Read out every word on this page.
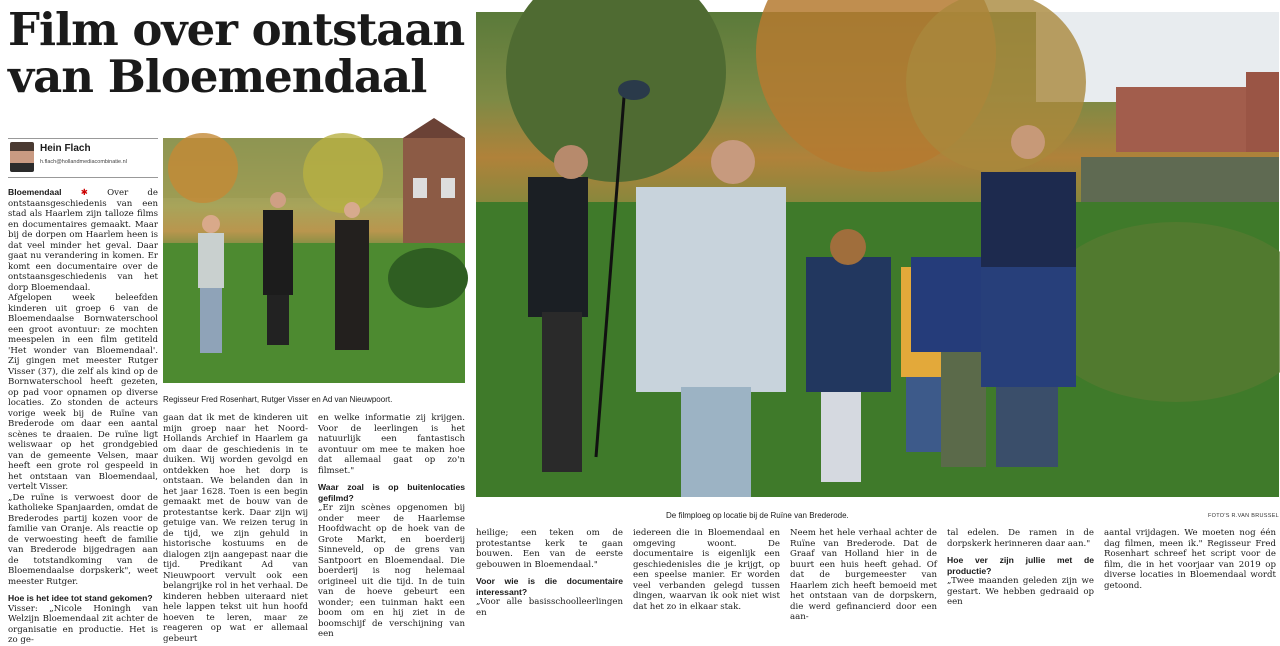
Film over ontstaan
van Bloemendaal
Hein Flach
h.flach@hollandmediacombinatie.nl

Bloemendaal ✱ Over de ontstaansgeschiedenis van een stad als Haarlem zijn talloze films en documentaires gemaakt. Maar bij de dorpen om Haarlem heen is dat veel minder het geval. Daar gaat nu verandering in komen. Er komt een documentaire over de ontstaansgeschiedenis van het dorp Bloemendaal.

Afgelopen week beleefden kinderen uit groep 6 van de Bloemendaalse Bornwaterschool een groot avontuur: ze mochten meespelen in een film getiteld 'Het wonder van Bloemendaal'. Zij gingen met meester Rutger Visser (37), die zelf als kind op de Bornwaterschool heeft gezeten, op pad voor opnamen op diverse locaties. Zo stonden de acteurs vorige week bij de Ruïne van Brederode om daar een aantal scènes te draaien. De ruïne ligt weliswaar op het grondgebied van de gemeente Velsen, maar heeft een grote rol gespeeld in het ontstaan van Bloemendaal, vertelt Visser.

„De ruïne is verwoest door de katholieke Spanjaarden, omdat de Brederodes partij kozen voor de familie van Oranje. Als reactie op de verwoesting heeft de familie van Brederode bijgedragen aan de totstandkoming van de Bloemendaalse dorpskerk", weet meester Rutger.

Hoe is het idee tot stand gekomen?

Visser: „Nicole Honingh van Welzijn Bloemendaal zit achter de organisatie en productie. Het is zo ge-

Regisseur Fred Rosenhart, Rutger Visser en Ad van Nieuwpoort.

gaan dat ik met de kinderen uit mijn groep naar het Noord-Hollands Archief in Haarlem ga om daar de geschiedenis in te duiken. Wij worden gevolgd en ontdekken hoe het dorp is ontstaan. We belanden dan in het jaar 1628. Toen is een begin gemaakt met de bouw van de protestantse kerk. Daar zijn wij getuige van. We reizen terug in de tijd, we zijn gehuld in historische kostuums en de dialogen zijn aangepast naar die tijd. Predikant Ad van Nieuwpoort vervult ook een belangrijke rol in het verhaal. De kinderen hebben uiteraard niet hele lappen tekst uit hun hoofd hoeven te leren, maar ze reageren op wat er allemaal gebeurt

en welke informatie zij krijgen. Voor de leerlingen is het natuurlijk een fantastisch avontuur om mee te maken hoe dat allemaal gaat op zo'n filmset."

Waar zoal is op buitenlocaties gefilmd?

„Er zijn scènes opgenomen bij onder meer de Haarlemse Hoofdwacht op de hoek van de Grote Markt, en boerderij Sinneveld, op de grens van Santpoort en Bloemendaal. Die boerderij is nog helemaal origineel uit die tijd. In de tuin van de hoeve gebeurt een wonder; een tuinman hakt een boom om en hij ziet in de boomschijf de verschijning van een

De filmploeg op locatie bij de Ruïne van Brederode.	FOTO'S R.VAN BRUSSEL

heilige; een teken om de protestantse kerk te gaan bouwen. Een van de eerste gebouwen in Bloemendaal."

Voor wie is die documentaire interessant?

„Voor alle basisschoolleerlingen en

iedereen die in Bloemendaal en omgeving woont. De documentaire is eigenlijk een geschiedenisles die je krijgt, op een speelse manier. Er worden veel verbanden gelegd tussen dingen, waarvan ik ook niet wist dat het zo in elkaar stak.

Neem het hele verhaal achter de Ruïne van Brederode. Dat de Graaf van Holland hier in de buurt een huis heeft gehad. Of dat de burgemeester van Haarlem zich heeft bemoeid met het ontstaan van de dorpskern, die werd gefinancierd door een aan-

tal edelen. De ramen in de dorpskerk herinneren daar aan."

Hoe ver zijn jullie met de productie?

„Twee maanden geleden zijn we gestart. We hebben gedraaid op een

aantal vrijdagen. We moeten nog één dag filmen, meen ik." Regisseur Fred Rosenhart schreef het script voor de film, die in het voorjaar van 2019 op diverse locaties in Bloemendaal wordt getoond.
